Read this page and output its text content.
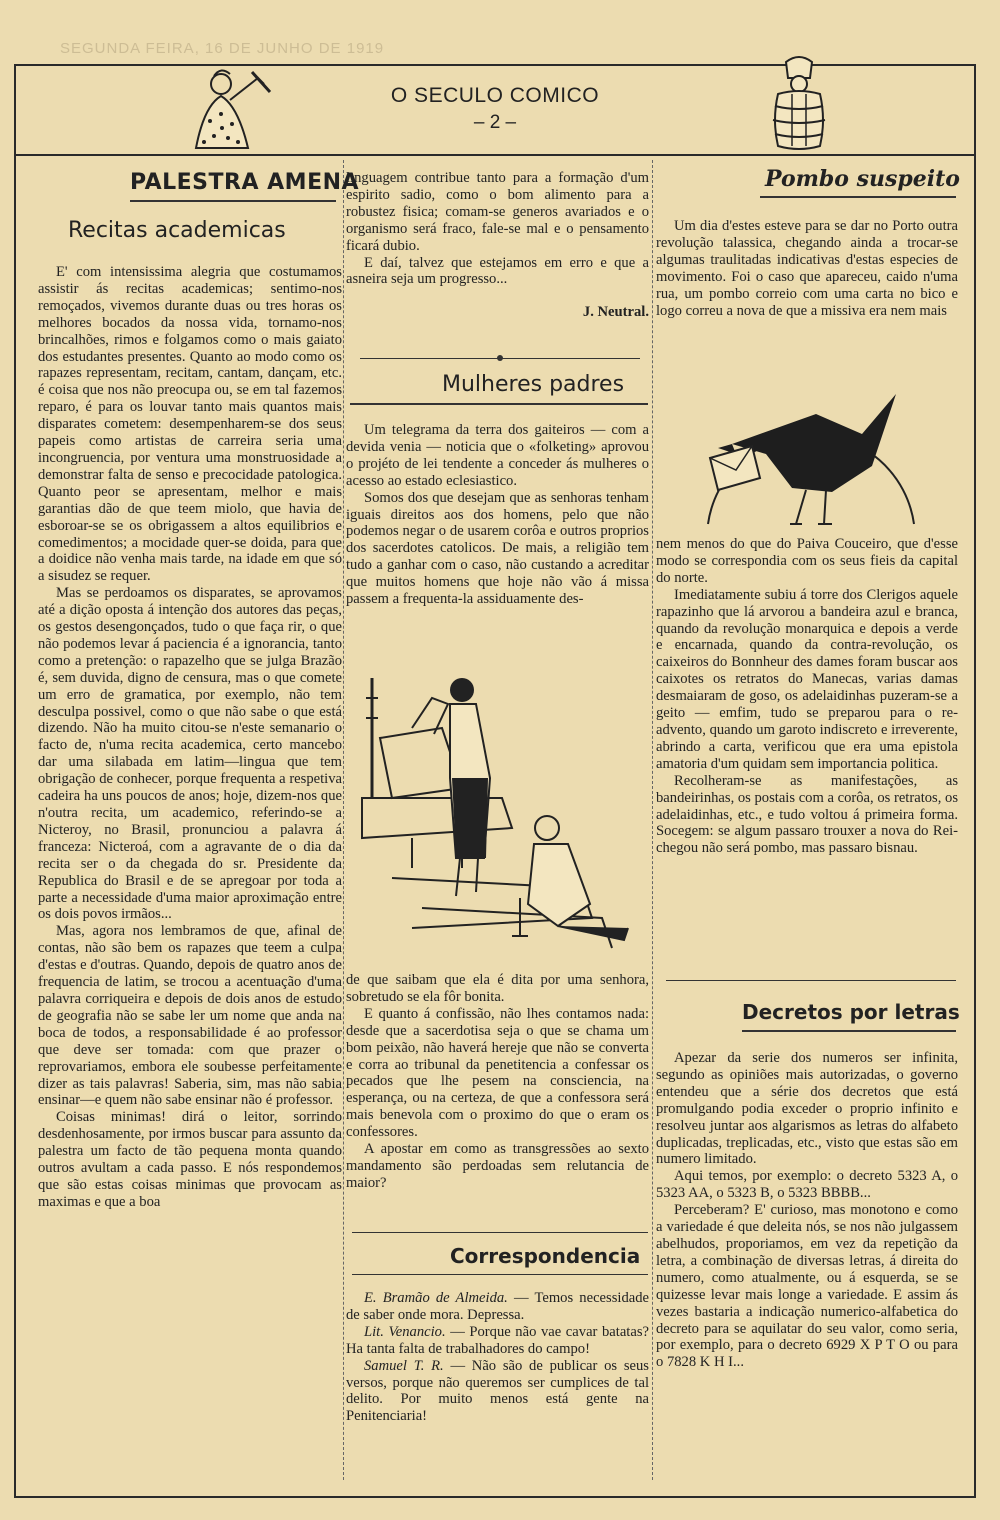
SEGUNDA FEIRA, 16 DE JUNHO DE 1919
O SECULO COMICO
– 2 –
PALESTRA AMENA
Recitas academicas

E' com intensissima alegria que costumamos assistir ás recitas academicas; sentimo-nos remoçados, vivemos durante duas ou tres horas os melhores bocados da nossa vida, tornamo-nos brincalhões, rimos e folgamos como o mais gaiato dos estudantes presentes. Quanto ao modo como os rapazes representam, recitam, cantam, dançam, etc. é coisa que nos não preocupa ou, se em tal fazemos reparo, é para os louvar tanto mais quantos mais disparates cometem: desempenharem-se dos seus papeis como artistas de carreira seria uma incongruencia, por ventura uma monstruosidade a demonstrar falta de senso e precocidade patologica. Quanto peor se apresentam, melhor e mais garantias dão de que teem miolo, que havia de esboroar-se se os obrigassem a altos equilibrios e comedimentos; a mocidade quer-se doida, para que a doidice não venha mais tarde, na idade em que só a sisudez se requer.

Mas se perdoamos os disparates, se aprovamos até a dição oposta á intenção dos autores das peças, os gestos desengonçados, tudo o que faça rir, o que não podemos levar á paciencia é a ignorancia, tanto como a pretenção: o rapazelho que se julga Brazão é, sem duvida, digno de censura, mas o que comete um erro de gramatica, por exemplo, não tem desculpa possivel, como o que não sabe o que está dizendo. Não ha muito citou-se n'este semanario o facto de, n'uma recita academica, certo mancebo dar uma silabada em latim—lingua que tem obrigação de conhecer, porque frequenta a respetiva cadeira ha uns poucos de anos; hoje, dizem-nos que n'outra recita, um academico, referindo-se a Nicteroy, no Brasil, pronunciou a palavra á franceza: Nicteroá, com a agravante de o dia da recita ser o da chegada do sr. Presidente da Republica do Brasil e de se apregoar por toda a parte a necessidade d'uma maior aproximação entre os dois povos irmãos...

Mas, agora nos lembramos de que, afinal de contas, não são bem os rapazes que teem a culpa d'estas e d'outras. Quando, depois de quatro anos de frequencia de latim, se trocou a acentuação d'uma palavra corriqueira e depois de dois anos de estudo de geografia não se sabe ler um nome que anda na boca de todos, a responsabilidade é ao professor que deve ser tomada: com que prazer o reprovariamos, embora ele soubesse perfeitamente dizer as tais palavras! Saberia, sim, mas não sabia ensinar—e quem não sabe ensinar não é professor.

Coisas minimas! dirá o leitor, sorrindo desdenhosamente, por irmos buscar para assunto da palestra um facto de tão pequena monta quando outros avultam a cada passo. E nós respondemos que são estas coisas minimas que provocam as maximas e que a boa

linguagem contribue tanto para a formação d'um espirito sadio, como o bom alimento para a robustez fisica; comam-se generos avariados e o organismo será fraco, fale-se mal e o pensamento ficará dubio.

E daí, talvez que estejamos em erro e que a asneira seja um progresso...

J. Neutral.

Mulheres padres

Um telegrama da terra dos gaiteiros — com a devida venia — noticia que o «folketing» aprovou o projéto de lei tendente a conceder ás mulheres o acesso ao estado eclesiastico.

Somos dos que desejam que as senhoras tenham iguais direitos aos dos homens, pelo que não podemos negar o de usarem corôa e outros proprios dos sacerdotes catolicos. De mais, a religião tem tudo a ganhar com o caso, não custando a acreditar que muitos homens que hoje não vão á missa passem a frequenta-la assiduamente des-

de que saibam que ela é dita por uma senhora, sobretudo se ela fôr bonita.

E quanto á confissão, não lhes contamos nada: desde que a sacerdotisa seja o que se chama um bom peixão, não haverá hereje que não se converta e corra ao tribunal da penetitencia a confessar os pecados que lhe pesem na consciencia, na esperança, ou na certeza, de que a confessora será mais benevola com o proximo do que o eram os confessores.

A apostar em como as transgressões ao sexto mandamento são perdoadas sem relutancia de maior?

Correspondencia

E. Bramão de Almeida. — Temos necessidade de saber onde mora. Depressa.

Lit. Venancio. — Porque não vae cavar batatas? Ha tanta falta de trabalhadores do campo!

Samuel T. R. — Não são de publicar os seus versos, porque não queremos ser cumplices de tal delito. Por muito menos está gente na Penitenciaria!

Pombo suspeito

Um dia d'estes esteve para se dar no Porto outra revolução talassica, chegando ainda a trocar-se algumas traulitadas indicativas d'estas especies de movimento. Foi o caso que apareceu, caido n'uma rua, um pombo correio com uma carta no bico e logo correu a nova de que a missiva era nem mais

nem menos do que do Paiva Couceiro, que d'esse modo se correspondia com os seus fieis da capital do norte.

Imediatamente subiu á torre dos Clerigos aquele rapazinho que lá arvorou a bandeira azul e branca, quando da revolução monarquica e depois a verde e encarnada, quando da contra-revolução, os caixeiros do Bonnheur des dames foram buscar aos caixotes os retratos do Manecas, varias damas desmaiaram de goso, os adelaidinhas puzeram-se a geito — emfim, tudo se preparou para o re-advento, quando um garoto indiscreto e irreverente, abrindo a carta, verificou que era uma epistola amatoria d'um quidam sem importancia politica.

Recolheram-se as manifestações, as bandeirinhas, os postais com a corôa, os retratos, os adelaidinhas, etc., e tudo voltou á primeira forma. Socegem: se algum passaro trouxer a nova do Rei-chegou não será pombo, mas passaro bisnau.

Decretos por letras

Apezar da serie dos numeros ser infinita, segundo as opiniões mais autorizadas, o governo entendeu que a série dos decretos que está promulgando podia exceder o proprio infinito e resolveu juntar aos algarismos as letras do alfabeto duplicadas, treplicadas, etc., visto que estas são em numero limitado.

Aqui temos, por exemplo: o decreto 5323 A, o 5323 AA, o 5323 B, o 5323 BBBB...

Perceberam? E' curioso, mas monotono e como a variedade é que deleita nós, se nos não julgassem abelhudos, proporiamos, em vez da repetição da letra, a combinação de diversas letras, á direita do numero, como atualmente, ou á esquerda, se se quizesse levar mais longe a variedade. E assim ás vezes bastaria a indicação numerico-alfabetica do decreto para se aquilatar do seu valor, como seria, por exemplo, para o decreto 6929 X P T O ou para o 7828 K H I...
